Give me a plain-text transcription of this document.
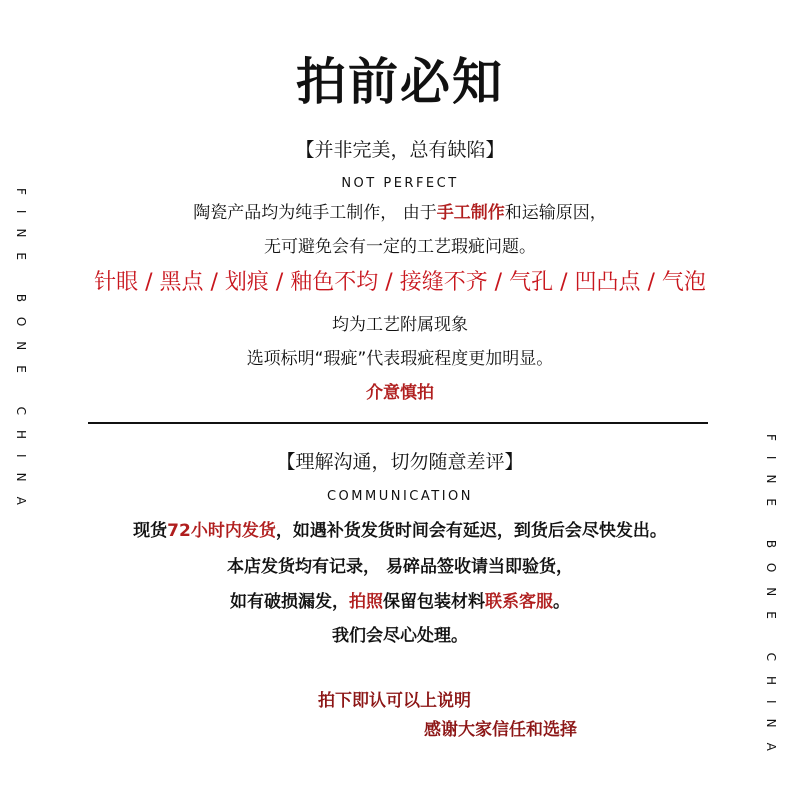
FINE BONE CHINA
FINE BONE CHINA
拍前必知
【并非完美，总有缺陷】
NOT PERFECT
陶瓷产品均为纯手工制作， 由于手工制作和运输原因，
无可避免会有一定的工艺瑕疵问题。
针眼 / 黑点 / 划痕 / 釉色不均 / 接缝不齐 / 气孔 / 凹凸点 / 气泡
均为工艺附属现象
选项标明“瑕疵”代表瑕疵程度更加明显。
介意慎拍
【理解沟通，切勿随意差评】
COMMUNICATION
现货72小时内发货，如遇补货发货时间会有延迟，到货后会尽快发出。
本店发货均有记录， 易碎品签收请当即验货，
如有破损漏发，拍照保留包装材料联系客服。
我们会尽心处理。
拍下即认可以上说明
感谢大家信任和选择
